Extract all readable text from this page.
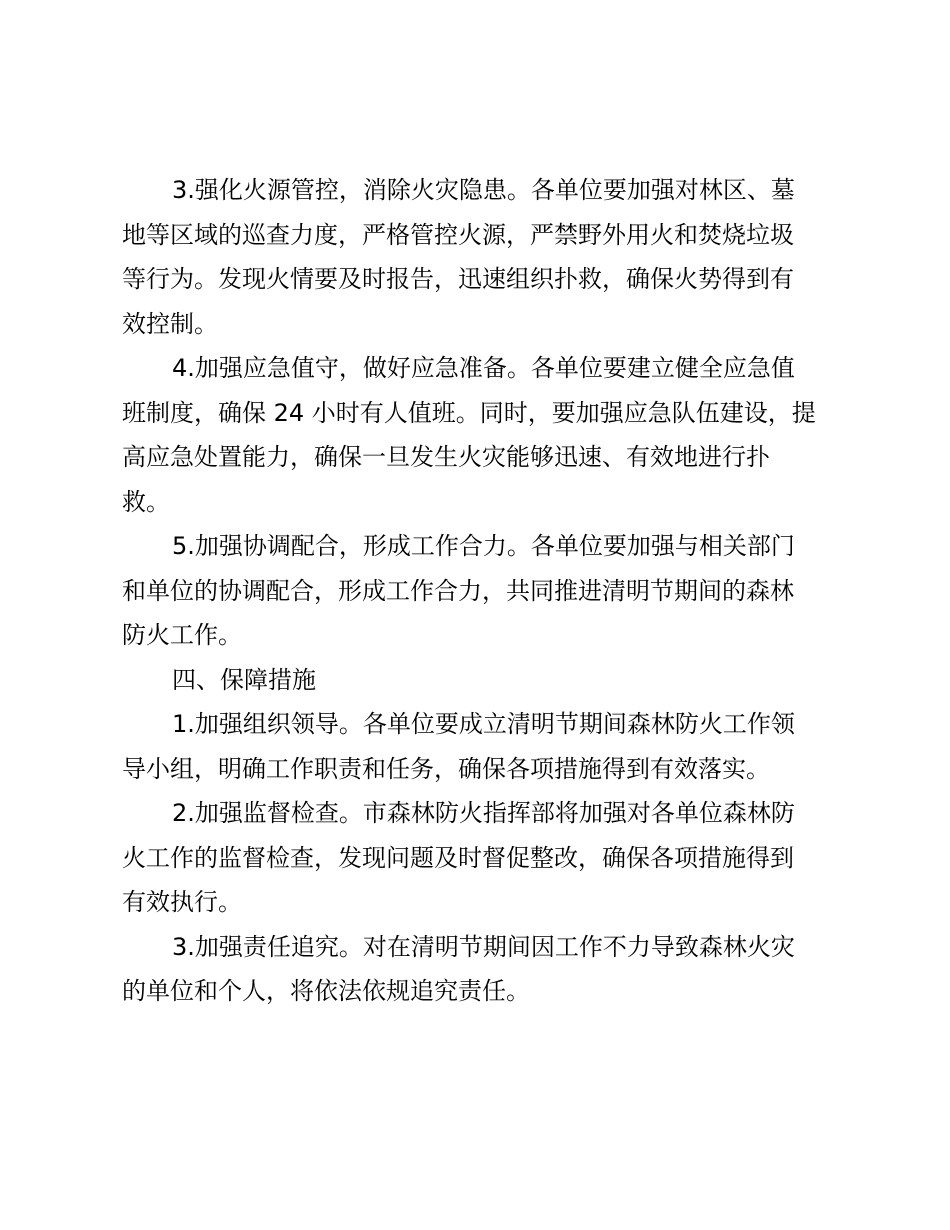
3.强化火源管控，消除火灾隐患。各单位要加强对林区、墓
地等区域的巡查力度，严格管控火源，严禁野外用火和焚烧垃圾
等行为。发现火情要及时报告，迅速组织扑救，确保火势得到有
效控制。

4.加强应急值守，做好应急准备。各单位要建立健全应急值
班制度，确保 24 小时有人值班。同时，要加强应急队伍建设，提
高应急处置能力，确保一旦发生火灾能够迅速、有效地进行扑
救。

5.加强协调配合，形成工作合力。各单位要加强与相关部门
和单位的协调配合，形成工作合力，共同推进清明节期间的森林
防火工作。

四、保障措施

1.加强组织领导。各单位要成立清明节期间森林防火工作领
导小组，明确工作职责和任务，确保各项措施得到有效落实。

2.加强监督检查。市森林防火指挥部将加强对各单位森林防
火工作的监督检查，发现问题及时督促整改，确保各项措施得到
有效执行。

3.加强责任追究。对在清明节期间因工作不力导致森林火灾
的单位和个人，将依法依规追究责任。
